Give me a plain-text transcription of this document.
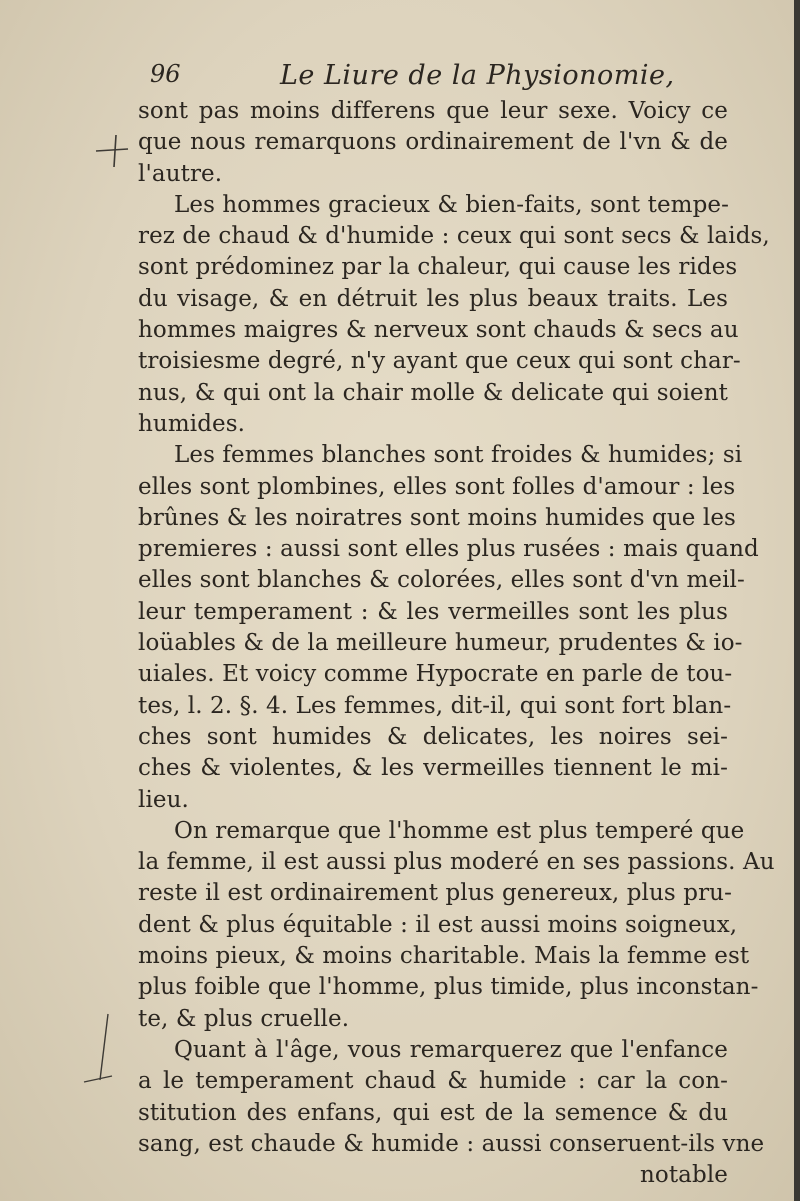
96	Le Liure de la Physionomie,
sont pas moins differens que leur sexe. Voicy ce
que nous remarquons ordinairement de l'vn & de
l'autre.
Les hommes gracieux & bien-faits, sont tempe-
rez de chaud & d'humide : ceux qui sont secs & laids,
sont prédominez par la chaleur, qui cause les rides
du visage, & en détruit les plus beaux traits. Les
hommes maigres & nerveux sont chauds & secs au
troisiesme degré, n'y ayant que ceux qui sont char-
nus, & qui ont la chair molle & delicate qui soient
humides.
Les femmes blanches sont froides & humides; si
elles sont plombines, elles sont folles d'amour : les
brûnes & les noiratres sont moins humides que les
premieres : aussi sont elles plus rusées : mais quand
elles sont blanches & colorées, elles sont d'vn meil-
leur temperament : & les vermeilles sont les plus
loüables & de la meilleure humeur, prudentes & io-
uiales. Et voicy comme Hypocrate en parle de tou-
tes, l. 2. §. 4. Les femmes, dit-il, qui sont fort blan-
ches sont humides & delicates, les noires sei-
ches & violentes, & les vermeilles tiennent le mi-
lieu.
On remarque que l'homme est plus temperé que
la femme, il est aussi plus moderé en ses passions. Au
reste il est ordinairement plus genereux, plus pru-
dent & plus équitable : il est aussi moins soigneux,
moins pieux, & moins charitable. Mais la femme est
plus foible que l'homme, plus timide, plus inconstan-
te, & plus cruelle.
Quant à l'âge, vous remarquerez que l'enfance
a le temperament chaud & humide : car la con-
stitution des enfans, qui est de la semence & du
sang, est chaude & humide : aussi conseruent-ils vne
notable
